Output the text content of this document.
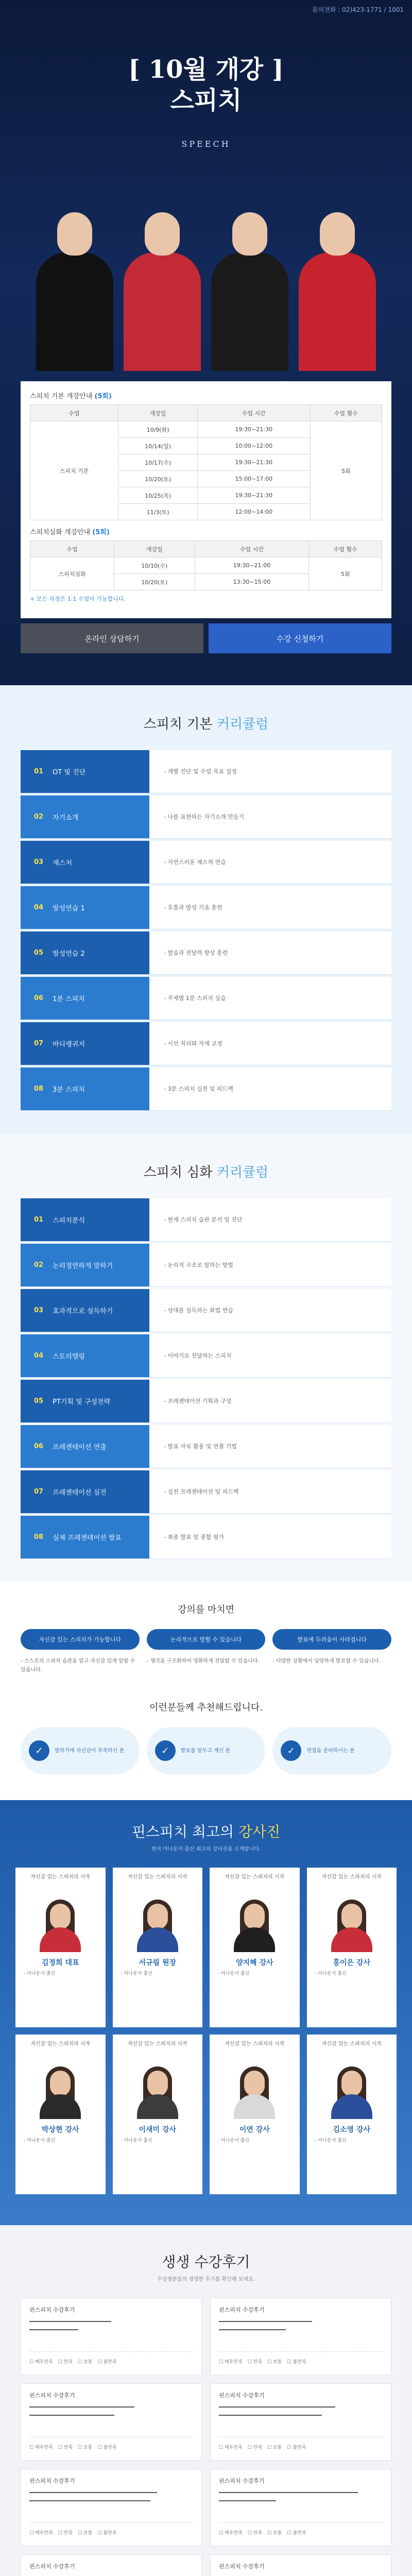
문의전화 : 02)423-1771 / 1001
[ 10월 개강 ]
스피치
SPEECH
스피치 기본 개강안내 (5회)
수업	개강일	수업 시간	수업 횟수
스피치 기본	10/9(화)	19:30~21:30	5회
	10/14(일)	10:00~12:00	
	10/17(수)	19:30~21:30	
	10/20(토)	15:00~17:00	
	10/25(목)	19:30~21:30	
	11/3(토)	12:00~14:00	
스피치심화 개강안내 (5회)
수업	개강일	수업 시간	수업 횟수
스피치심화	10/10(수)	19:30~21:00	5회
	10/20(토)	13:30~15:00	
+ 모든 과정은 1:1 수업이 가능합니다.
온라인 상담하기	수강 신청하기
스피치 기본 커리큘럼
01 OT 및 진단	- 개별 진단 및 수업 목표 설정
02 자기소개	- 나를 표현하는 자기소개 만들기
03 제스처	- 자연스러운 제스처 연습
04 발성연습 1	- 호흡과 발성 기초 훈련
05 발성연습 2	- 발음과 전달력 향상 훈련
06 1분 스피치	- 주제별 1분 스피치 실습
07 바디랭귀지	- 시선 처리와 자세 교정
08 3분 스피치	- 3분 스피치 실전 및 피드백
스피치 심화 커리큘럼
01 스피치분석	- 현재 스피치 습관 분석 및 진단
02 논리정연하게 말하기	- 논리적 구조로 말하는 방법
03 효과적으로 설득하기	- 상대를 설득하는 화법 연습
04 스토리텔링	- 이야기로 전달하는 스피치
05 PT기획 및 구성전략	- 프레젠테이션 기획과 구성
06 프레젠테이션 연출	- 발표 자료 활용 및 연출 기법
07 프레젠테이션 실전	- 실전 프레젠테이션 및 피드백
08 실제 프레젠테이션 발표	- 최종 발표 및 종합 평가
강의를 마치면
자신감 있는 스피치가 가능합니다
- 스스로의 스피치 습관을 알고 자신감 있게 말할 수 있습니다.
논리적으로 말할 수 있습니다
- 생각을 구조화하여 명확하게 전달할 수 있습니다.
발표에 두려움이 사라집니다
- 다양한 상황에서 당당하게 발표할 수 있습니다.
이런분들께 추천해드립니다.
✓	말하기에 자신감이 부족하신 분	✓	발표를 앞두고 계신 분	✓	면접을 준비하시는 분
핀스피치 최고의 강사진
현직 아나운서 출신 최고의 강사진을 소개합니다.
자신감 있는 스피치의 시작
김정희 대표
- 아나운서 출신
자신감 있는 스피치의 시작
서규림 원장
- 아나운서 출신
자신감 있는 스피치의 시작
양지혜 강사
- 아나운서 출신
자신감 있는 스피치의 시작
홍이은 강사
- 아나운서 출신
자신감 있는 스피치의 시작
박상현 강사
- 아나운서 출신
자신감 있는 스피치의 시작
이새미 강사
- 아나운서 출신
자신감 있는 스피치의 시작
이연 강사
- 아나운서 출신
자신감 있는 스피치의 시작
김소영 강사
- 아나운서 출신
생생 수강후기
수강생분들의 생생한 후기를 확인해 보세요.
핀스피치 수강후기
☐ 매우만족	☐ 만족	☐ 보통	☐ 불만족
핀스피치 수강후기
☐ 매우만족	☐ 만족	☐ 보통	☐ 불만족
핀스피치 수강후기
☐ 매우만족	☐ 만족	☐ 보통	☐ 불만족
핀스피치 수강후기
☐ 매우만족	☐ 만족	☐ 보통	☐ 불만족
핀스피치 수강후기
☐ 매우만족	☐ 만족	☐ 보통	☐ 불만족
핀스피치 수강후기
☐ 매우만족	☐ 만족	☐ 보통	☐ 불만족
핀스피치 수강후기	핀스피치 수강후기
